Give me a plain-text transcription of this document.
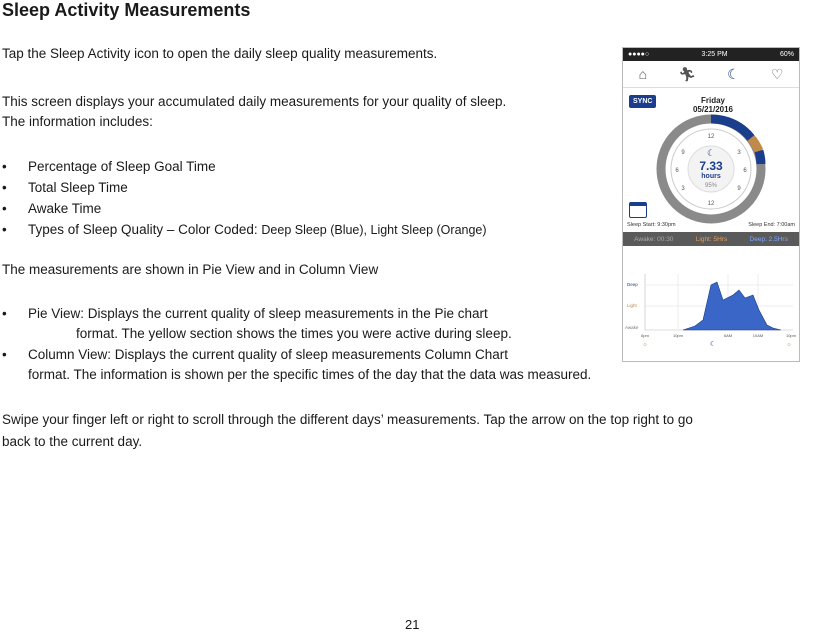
Sleep Activity Measurements
Tap the Sleep Activity icon to open the daily sleep quality measurements.
This screen displays your accumulated daily measurements for your quality of sleep.
The information includes:
• Percentage of Sleep Goal Time
• Total Sleep Time
• Awake Time
• Types of Sleep Quality – Color Coded: Deep Sleep (Blue), Light Sleep (Orange)
The measurements are shown in Pie View and in Column View
• Pie View: Displays the current quality of sleep measurements in the Pie chart
format. The yellow section shows the times you were active during sleep.
• Column View: Displays the current quality of sleep measurements Column Chart
format. The information is shown per the specific times of the day that the data was measured.
Swipe your finger left or right to scroll through the different days’ measurements. Tap the arrow on the top right to go
back to the current day.
21
●●●●○	3:25 PM	60%
⌂ 🏃︎ ☾ ♡
SYNC	Friday
05/21/2016
12
3
6
9
12
3
6
9 ☾
7.33
hours
95%
Sleep Start: 9:30pm	Sleep End: 7:00am
Awake: 00:30	Light: 5Hrs	Deep: 2.5Hrs
Deep
Light
Awake
6pm	10pm	6AM	10AM	10pm
☼	☾	☼
